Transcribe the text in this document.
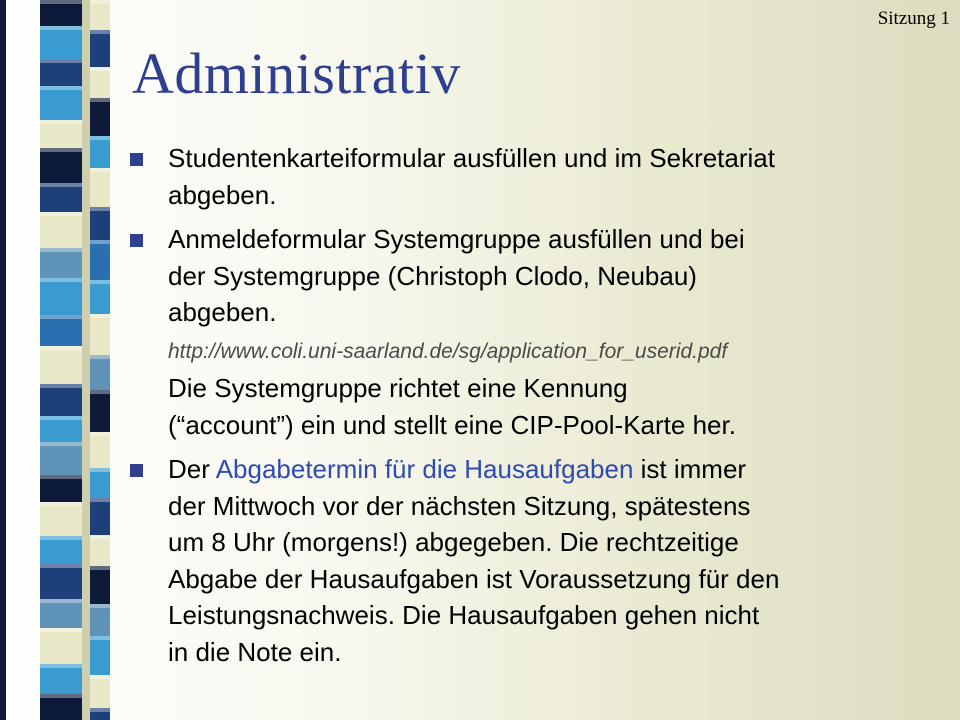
Sitzung 1
Administrativ
Studentenkarteiformular ausfüllen und im Sekretariat
abgeben.
Anmeldeformular Systemgruppe ausfüllen und bei
der Systemgruppe (Christoph Clodo, Neubau)
abgeben.
http://www.coli.uni-saarland.de/sg/application_for_userid.pdf
Die Systemgruppe richtet eine Kennung
(“account”) ein und stellt eine CIP-Pool-Karte her.
Der Abgabetermin für die Hausaufgaben ist immer
der Mittwoch vor der nächsten Sitzung, spätestens
um 8 Uhr (morgens!) abgegeben. Die rechtzeitige
Abgabe der Hausaufgaben ist Voraussetzung für den
Leistungsnachweis. Die Hausaufgaben gehen nicht
in die Note ein.
